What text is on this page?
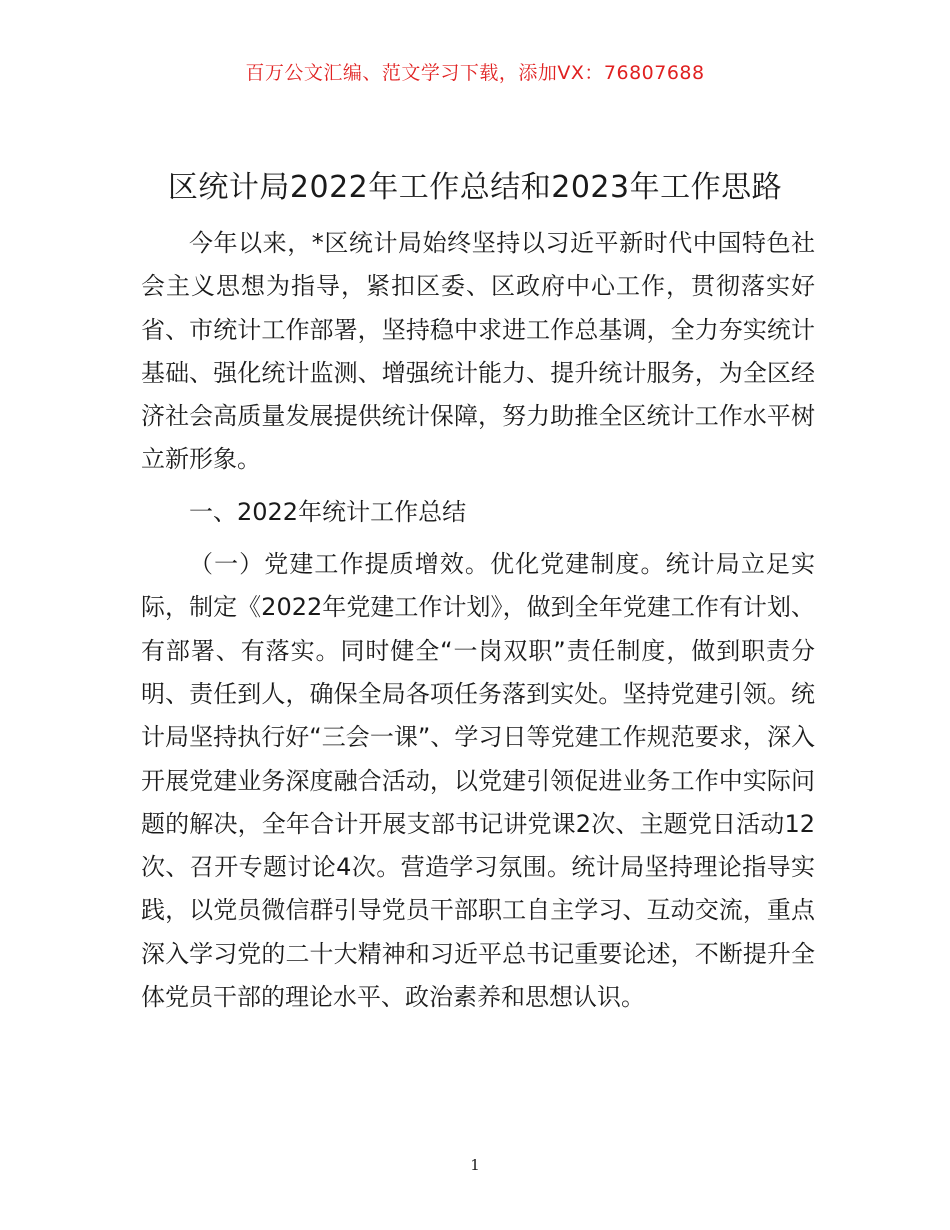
百万公文汇编、范文学习下载，添加VX：76807688
区统计局2022年工作总结和2023年工作思路

今年以来，*区统计局始终坚持以习近平新时代中国特色社会主义思想为指导，紧扣区委、区政府中心工作，贯彻落实好省、市统计工作部署，坚持稳中求进工作总基调，全力夯实统计基础、强化统计监测、增强统计能力、提升统计服务，为全区经济社会高质量发展提供统计保障，努力助推全区统计工作水平树立新形象。

一、2022年统计工作总结

（一）党建工作提质增效。优化党建制度。统计局立足实际，制定《2022年党建工作计划》，做到全年党建工作有计划、有部署、有落实。同时健全“一岗双职”责任制度，做到职责分明、责任到人，确保全局各项任务落到实处。坚持党建引领。统计局坚持执行好“三会一课”、学习日等党建工作规范要求，深入开展党建业务深度融合活动，以党建引领促进业务工作中实际问题的解决，全年合计开展支部书记讲党课2次、主题党日活动12次、召开专题讨论4次。营造学习氛围。统计局坚持理论指导实践，以党员微信群引导党员干部职工自主学习、互动交流，重点深入学习党的二十大精神和习近平总书记重要论述，不断提升全体党员干部的理论水平、政治素养和思想认识。

1
